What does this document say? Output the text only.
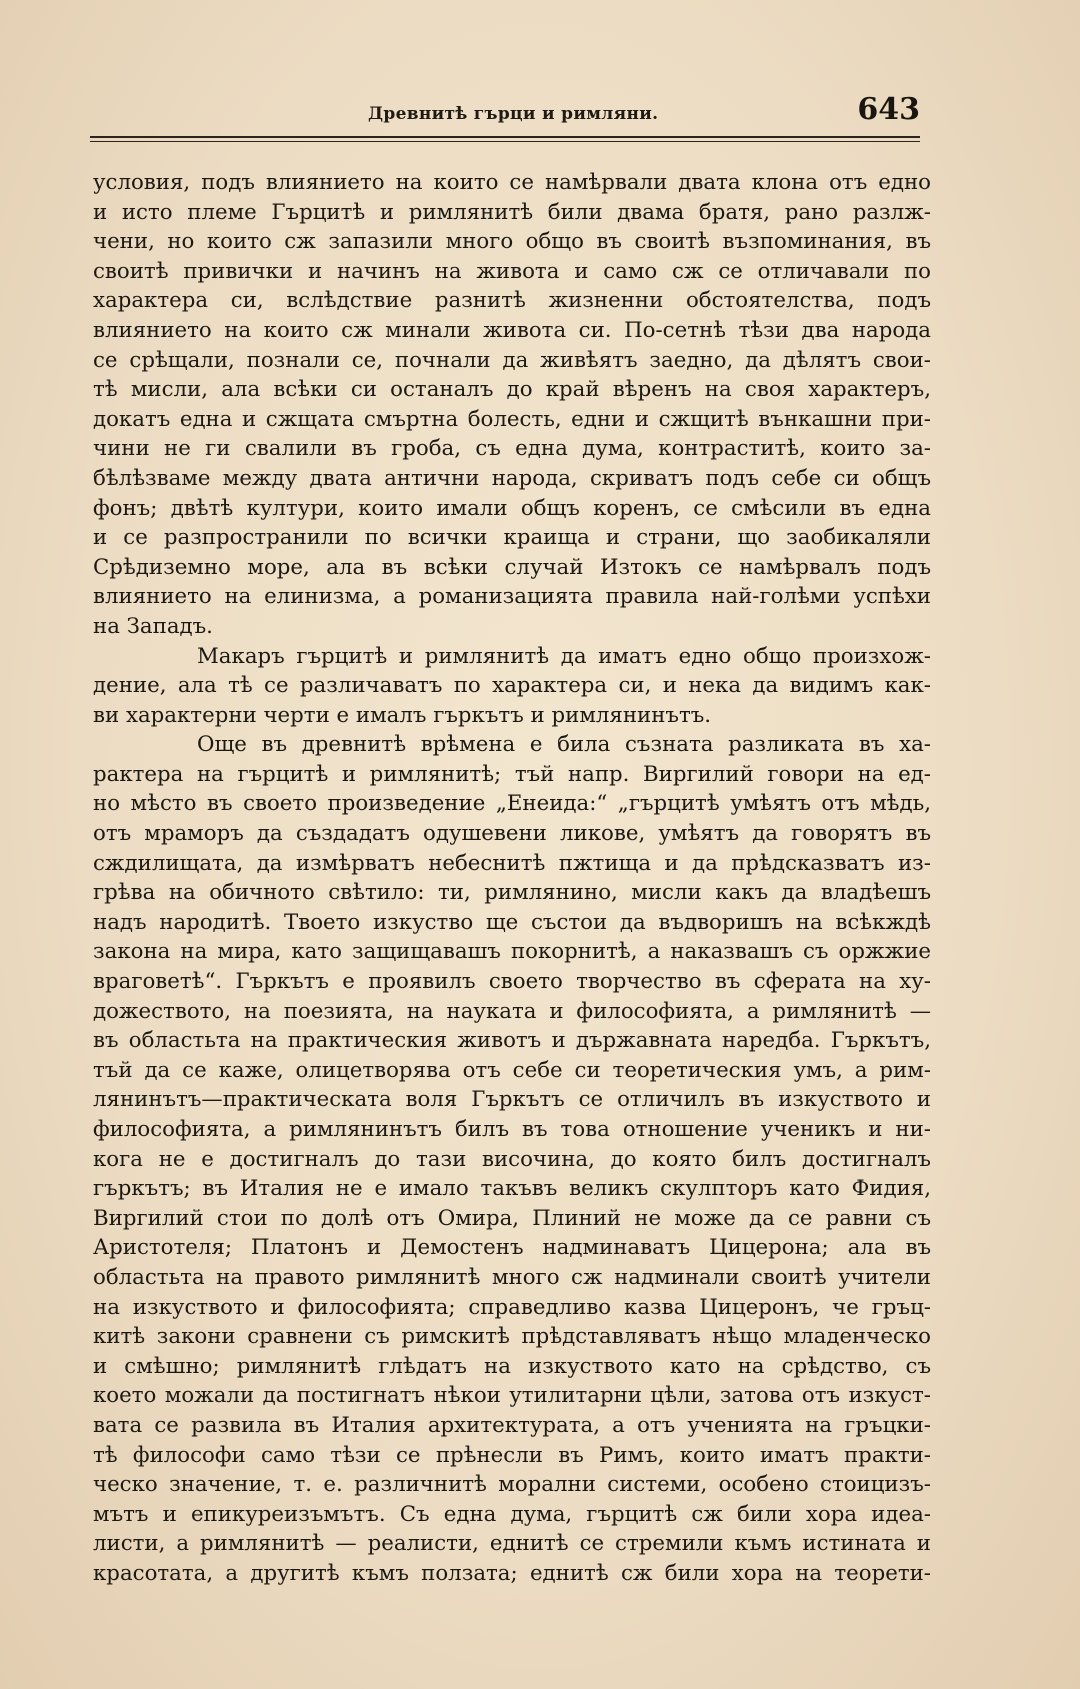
Древнитѣ гърци и римляни.	643
условия, подъ влиянието на които се намѣрвали двата клона отъ едно
и исто племе Гърцитѣ и римлянитѣ били двама братя, рано разлж-
чени, но които сж запазили много общо въ своитѣ възпоминания, въ
своитѣ привички и начинъ на живота и само сж се отличавали по
характера си, вслѣдствие разнитѣ жизненни обстоятелства, подъ
влиянието на които сж минали живота си. По-сетнѣ тѣзи два народа
се срѣщали, познали се, почнали да живѣятъ заедно, да дѣлятъ свои-
тѣ мисли, ала всѣки си останалъ до край вѣренъ на своя характеръ,
докатъ една и сжщата смъртна болесть, едни и сжщитѣ вънкашни при-
чини не ги свалили въ гроба, съ една дума, контраститѣ, които за-
бѣлѣзваме между двата антични народа, скриватъ подъ себе си общъ
фонъ; двѣтѣ култури, които имали общъ коренъ, се смѣсили въ една
и се разпространили по всички краища и страни, що заобикаляли
Срѣдиземно море, ала въ всѣки случай Изтокъ се намѣрвалъ подъ
влиянието на елинизма, а романизацията правила най-голѣми успѣхи
на Западъ.
Макаръ гърцитѣ и римлянитѣ да иматъ едно общо произхож-
дение, ала тѣ се различаватъ по характера си, и нека да видимъ как-
ви характерни черти е ималъ гъркътъ и римлянинътъ.
Още въ древнитѣ врѣмена е била съзната разликата въ ха-
рактера на гърцитѣ и римлянитѣ; тъй напр. Виргилий говори на ед-
но мѣсто въ своето произведение „Енеида:“ „гърцитѣ умѣятъ отъ мѣдь,
отъ мраморъ да създадатъ одушевени ликове, умѣятъ да говорятъ въ
сждилищата, да измѣрватъ небеснитѣ пжтища и да прѣдсказватъ из-
грѣва на обичното свѣтило: ти, римлянино, мисли какъ да владѣешъ
надъ народитѣ. Твоето изкуство ще състои да въдворишъ на всѣкждѣ
закона на мира, като защищавашъ покорнитѣ, а наказвашъ съ оржжие
враговетѣ“. Гъркътъ е проявилъ своето творчество въ сферата на ху-
дожеството, на поезията, на науката и философията, а римлянитѣ —
въ областьта на практическия животъ и държавната наредба. Гъркътъ,
тъй да се каже, олицетворява отъ себе си теоретическия умъ, а рим-
лянинътъ—практическата воля Гъркътъ се отличилъ въ изкуството и
философията, а римлянинътъ билъ въ това отношение ученикъ и ни-
кога не е достигналъ до тази височина, до която билъ достигналъ
гъркътъ; въ Италия не е имало такъвъ великъ скулпторъ като Фидия,
Виргилий стои по долѣ отъ Омира, Плиний не може да се равни съ
Аристотеля; Платонъ и Демостенъ надминаватъ Цицерона; ала въ
областьта на правото римлянитѣ много сж надминали своитѣ учители
на изкуството и философията; справедливо казва Цицеронъ, че гръц-
китѣ закони сравнени съ римскитѣ прѣдставляватъ нѣщо младенческо
и смѣшно; римлянитѣ глѣдатъ на изкуството като на срѣдство, съ
което можали да постигнатъ нѣкои утилитарни цѣли, затова отъ изкуст-
вата се развила въ Италия архитектурата, а отъ ученията на гръцки-
тѣ философи само тѣзи се прѣнесли въ Римъ, които иматъ практи-
ческо значение, т. е. различнитѣ морални системи, особено стоицизъ-
мътъ и епикуреизъмътъ. Съ една дума, гърцитѣ сж били хора идеа-
листи, а римлянитѣ — реалисти, еднитѣ се стремили къмъ истината и
красотата, а другитѣ къмъ ползата; еднитѣ сж били хора на теорети-
